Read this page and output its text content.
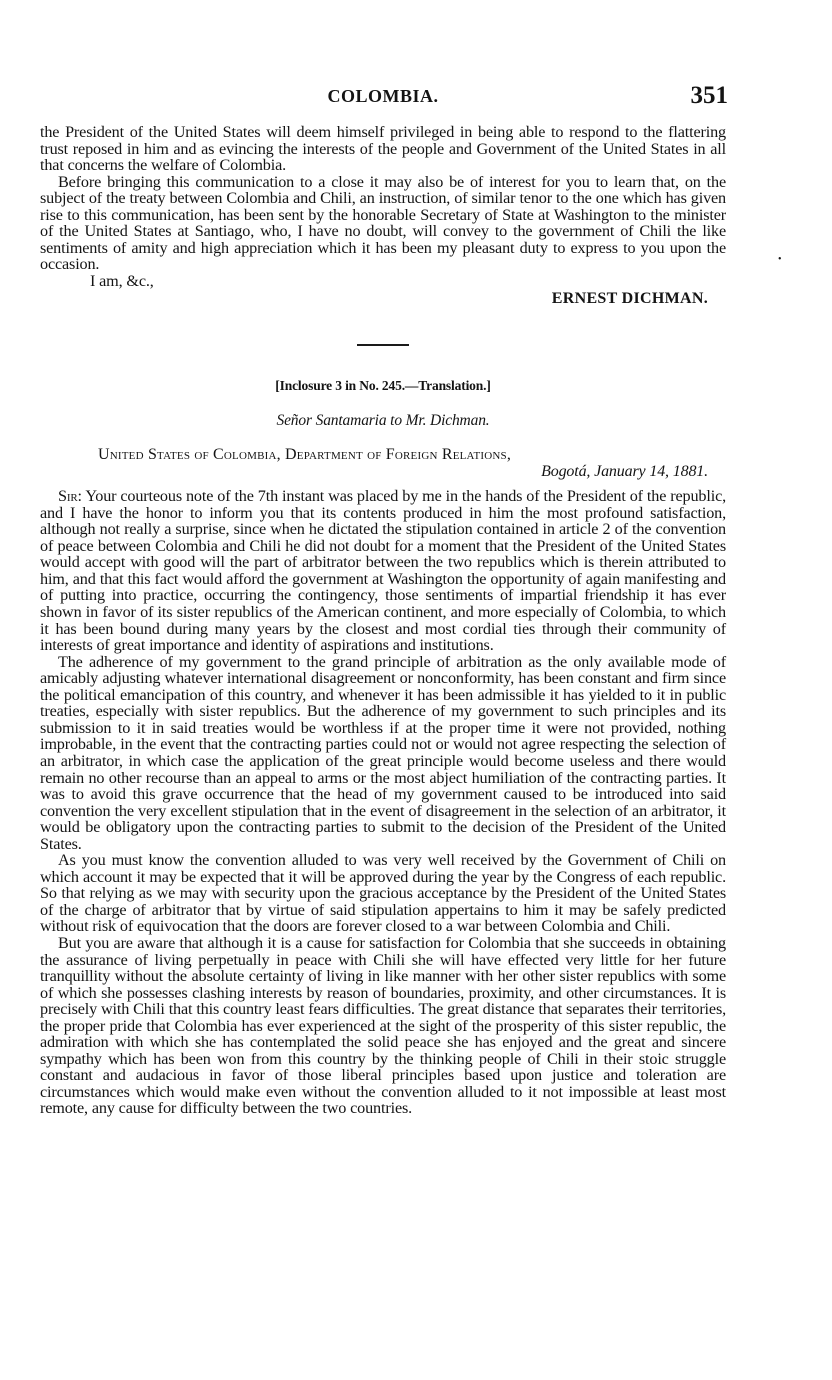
COLOMBIA.	351

the President of the United States will deem himself privileged in being able to respond to the flattering trust reposed in him and as evincing the interests of the people and Government of the United States in all that concerns the welfare of Colombia.

Before bringing this communication to a close it may also be of interest for you to learn that, on the subject of the treaty between Colombia and Chili, an instruction, of similar tenor to the one which has given rise to this communication, has been sent by the honorable Secretary of State at Washington to the minister of the United States at Santiago, who, I have no doubt, will convey to the government of Chili the like sentiments of amity and high appreciation which it has been my pleasant duty to express to you upon the occasion.

I am, &c.,

ERNEST DICHMAN.
[Inclosure 3 in No. 245.—Translation.]
Señor Santamaria to Mr. Dichman.
United States of Colombia, Department of Foreign Relations,
Bogotá, January 14, 1881.

Sir: Your courteous note of the 7th instant was placed by me in the hands of the President of the republic, and I have the honor to inform you that its contents produced in him the most profound satisfaction, although not really a surprise, since when he dictated the stipulation contained in article 2 of the convention of peace between Colombia and Chili he did not doubt for a moment that the President of the United States would accept with good will the part of arbitrator between the two republics which is therein attributed to him, and that this fact would afford the government at Washington the opportunity of again manifesting and of putting into practice, occurring the contingency, those sentiments of impartial friendship it has ever shown in favor of its sister republics of the American continent, and more especially of Colombia, to which it has been bound during many years by the closest and most cordial ties through their community of interests of great importance and identity of aspirations and institutions.

The adherence of my government to the grand principle of arbitration as the only available mode of amicably adjusting whatever international disagreement or nonconformity, has been constant and firm since the political emancipation of this country, and whenever it has been admissible it has yielded to it in public treaties, especially with sister republics. But the adherence of my government to such principles and its submission to it in said treaties would be worthless if at the proper time it were not provided, nothing improbable, in the event that the contracting parties could not or would not agree respecting the selection of an arbitrator, in which case the application of the great principle would become useless and there would remain no other recourse than an appeal to arms or the most abject humiliation of the contracting parties. It was to avoid this grave occurrence that the head of my government caused to be introduced into said convention the very excellent stipulation that in the event of disagreement in the selection of an arbitrator, it would be obligatory upon the contracting parties to submit to the decision of the President of the United States.

As you must know the convention alluded to was very well received by the Government of Chili on which account it may be expected that it will be approved during the year by the Congress of each republic. So that relying as we may with security upon the gracious acceptance by the President of the United States of the charge of arbitrator that by virtue of said stipulation appertains to him it may be safely predicted without risk of equivocation that the doors are forever closed to a war between Colombia and Chili.

But you are aware that although it is a cause for satisfaction for Colombia that she succeeds in obtaining the assurance of living perpetually in peace with Chili she will have effected very little for her future tranquillity without the absolute certainty of living in like manner with her other sister republics with some of which she possesses clashing interests by reason of boundaries, proximity, and other circumstances. It is precisely with Chili that this country least fears difficulties. The great distance that separates their territories, the proper pride that Colombia has ever experienced at the sight of the prosperity of this sister republic, the admiration with which she has contemplated the solid peace she has enjoyed and the great and sincere sympathy which has been won from this country by the thinking people of Chili in their stoic struggle constant and audacious in favor of those liberal principles based upon justice and toleration are circumstances which would make even without the convention alluded to it not impossible at least most remote, any cause for difficulty between the two countries.

•
